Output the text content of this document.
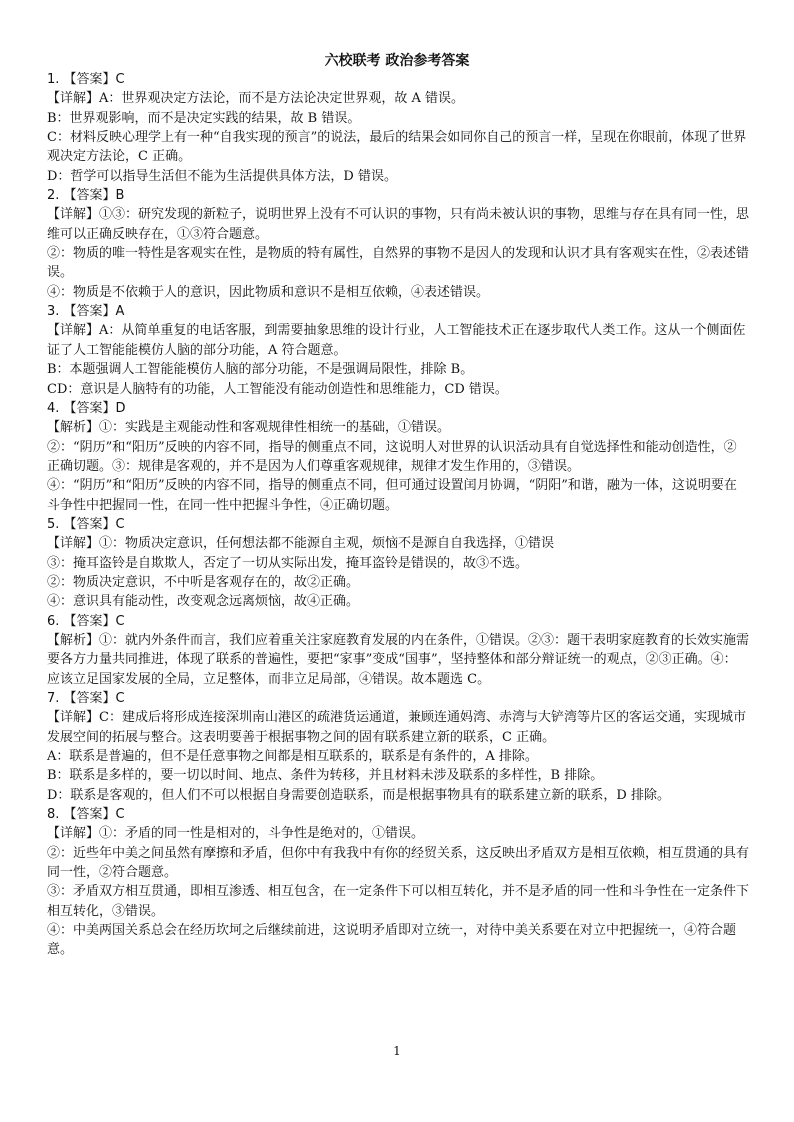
六校联考 政治参考答案

1. 【答案】C

【详解】A：世界观决定方法论，而不是方法论决定世界观，故 A 错误。

B：世界观影响，而不是决定实践的结果，故 B 错误。

C：材料反映心理学上有一种“自我实现的预言”的说法，最后的结果会如同你自己的预言一样，呈现在你眼前，体现了世界观决定方法论，C 正确。

D：哲学可以指导生活但不能为生活提供具体方法，D 错误。

2. 【答案】B

【详解】①③：研究发现的新粒子，说明世界上没有不可认识的事物，只有尚未被认识的事物，思维与存在具有同一性，思维可以正确反映存在，①③符合题意。

②：物质的唯一特性是客观实在性，是物质的特有属性，自然界的事物不是因人的发现和认识才具有客观实在性，②表述错误。

④：物质是不依赖于人的意识，因此物质和意识不是相互依赖，④表述错误。

3. 【答案】A

【详解】A：从简单重复的电话客服，到需要抽象思维的设计行业，人工智能技术正在逐步取代人类工作。这从一个侧面佐证了人工智能能模仿人脑的部分功能，A 符合题意。

B：本题强调人工智能能模仿人脑的部分功能，不是强调局限性，排除 B。

CD：意识是人脑特有的功能，人工智能没有能动创造性和思维能力，CD 错误。

4. 【答案】D

【解析】①：实践是主观能动性和客观规律性相统一的基础，①错误。

②：“阴历”和“阳历”反映的内容不同，指导的侧重点不同，这说明人对世界的认识活动具有自觉选择性和能动创造性，②正确切题。③：规律是客观的，并不是因为人们尊重客观规律，规律才发生作用的，③错误。

④：“阴历”和“阳历”反映的内容不同，指导的侧重点不同，但可通过设置闰月协调，“阴阳”和谐，融为一体，这说明要在斗争性中把握同一性，在同一性中把握斗争性，④正确切题。

5. 【答案】C

【详解】①：物质决定意识，任何想法都不能源自主观，烦恼不是源自自我选择，①错误

③：掩耳盗铃是自欺欺人，否定了一切从实际出发，掩耳盗铃是错误的，故③不选。

②：物质决定意识，不中听是客观存在的，故②正确。

④：意识具有能动性，改变观念远离烦恼，故④正确。

6. 【答案】C

【解析】①：就内外条件而言，我们应着重关注家庭教育发展的内在条件，①错误。②③：题干表明家庭教育的长效实施需要各方力量共同推进，体现了联系的普遍性，要把“家事”变成“国事”，坚持整体和部分辩证统一的观点，②③正确。④：应该立足国家发展的全局，立足整体，而非立足局部，④错误。故本题选 C。

7. 【答案】C

【详解】C：建成后将形成连接深圳南山港区的疏港货运通道，兼顾连通妈湾、赤湾与大铲湾等片区的客运交通，实现城市发展空间的拓展与整合。这表明要善于根据事物之间的固有联系建立新的联系，C 正确。

A：联系是普遍的，但不是任意事物之间都是相互联系的，联系是有条件的，A 排除。

B：联系是多样的，要一切以时间、地点、条件为转移，并且材料未涉及联系的多样性，B 排除。

D：联系是客观的，但人们不可以根据自身需要创造联系，而是根据事物具有的联系建立新的联系，D 排除。

8. 【答案】C

【详解】①：矛盾的同一性是相对的，斗争性是绝对的，①错误。

②：近些年中美之间虽然有摩擦和矛盾，但你中有我我中有你的经贸关系，这反映出矛盾双方是相互依赖，相互贯通的具有同一性，②符合题意。

③：矛盾双方相互贯通，即相互渗透、相互包含，在一定条件下可以相互转化，并不是矛盾的同一性和斗争性在一定条件下相互转化，③错误。

④：中美两国关系总会在经历坎坷之后继续前进，这说明矛盾即对立统一，对待中美关系要在对立中把握统一，④符合题意。

1
